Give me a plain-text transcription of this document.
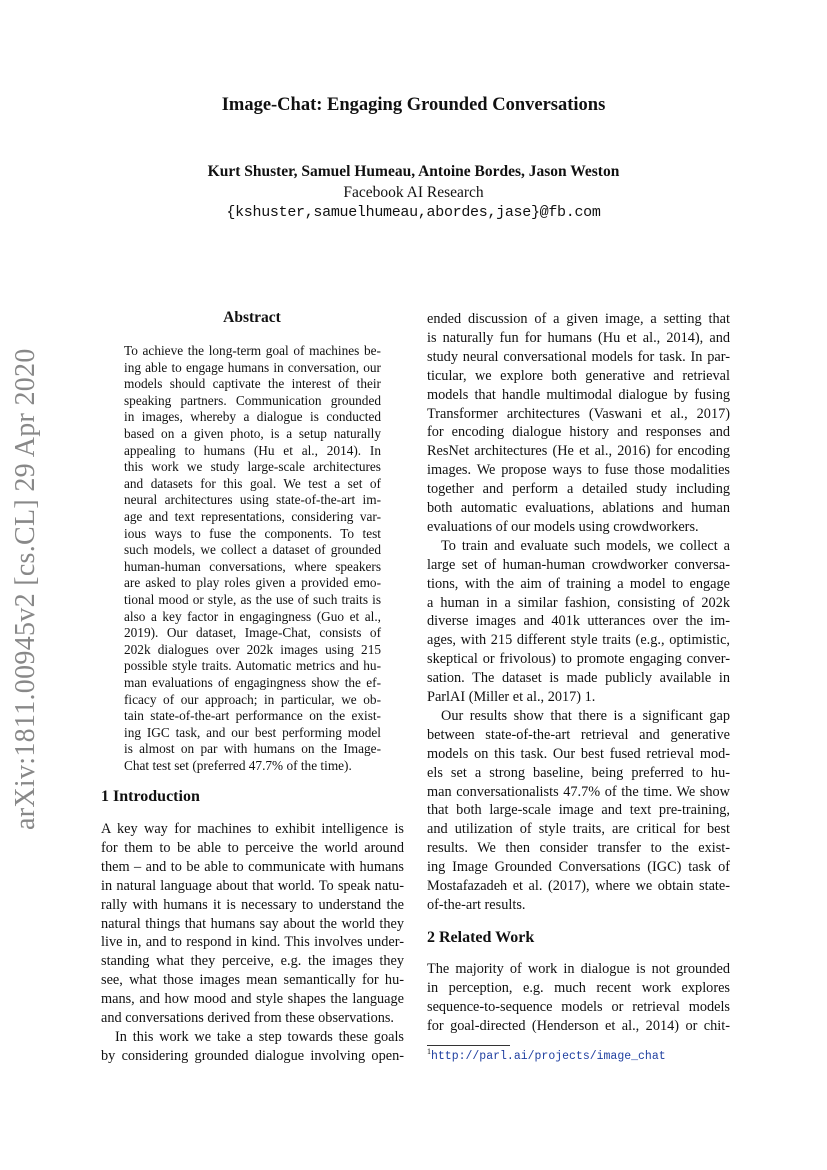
Image-Chat: Engaging Grounded Conversations
Kurt Shuster, Samuel Humeau, Antoine Bordes, Jason Weston
Facebook AI Research
{kshuster,samuelhumeau,abordes,jase}@fb.com
arXiv:1811.00945v2 [cs.CL] 29 Apr 2020
Abstract
To achieve the long-term goal of machines be-
ing able to engage humans in conversation, our
models should captivate the interest of their
speaking partners. Communication grounded
in images, whereby a dialogue is conducted
based on a given photo, is a setup naturally
appealing to humans (Hu et al., 2014). In
this work we study large-scale architectures
and datasets for this goal. We test a set of
neural architectures using state-of-the-art im-
age and text representations, considering var-
ious ways to fuse the components. To test
such models, we collect a dataset of grounded
human-human conversations, where speakers
are asked to play roles given a provided emo-
tional mood or style, as the use of such traits is
also a key factor in engagingness (Guo et al.,
2019). Our dataset, Image-Chat, consists of
202k dialogues over 202k images using 215
possible style traits. Automatic metrics and hu-
man evaluations of engagingness show the ef-
ficacy of our approach; in particular, we ob-
tain state-of-the-art performance on the exist-
ing IGC task, and our best performing model
is almost on par with humans on the Image-
Chat test set (preferred 47.7% of the time).
1 Introduction
A key way for machines to exhibit intelligence is
for them to be able to perceive the world around
them – and to be able to communicate with humans
in natural language about that world. To speak natu-
rally with humans it is necessary to understand the
natural things that humans say about the world they
live in, and to respond in kind. This involves under-
standing what they perceive, e.g. the images they
see, what those images mean semantically for hu-
mans, and how mood and style shapes the language
and conversations derived from these observations.
In this work we take a step towards these goals
by considering grounded dialogue involving open-
ended discussion of a given image, a setting that
is naturally fun for humans (Hu et al., 2014), and
study neural conversational models for task. In par-
ticular, we explore both generative and retrieval
models that handle multimodal dialogue by fusing
Transformer architectures (Vaswani et al., 2017)
for encoding dialogue history and responses and
ResNet architectures (He et al., 2016) for encoding
images. We propose ways to fuse those modalities
together and perform a detailed study including
both automatic evaluations, ablations and human
evaluations of our models using crowdworkers.
To train and evaluate such models, we collect a
large set of human-human crowdworker conversa-
tions, with the aim of training a model to engage
a human in a similar fashion, consisting of 202k
diverse images and 401k utterances over the im-
ages, with 215 different style traits (e.g., optimistic,
skeptical or frivolous) to promote engaging conver-
sation. The dataset is made publicly available in
ParlAI (Miller et al., 2017) 1.
Our results show that there is a significant gap
between state-of-the-art retrieval and generative
models on this task. Our best fused retrieval mod-
els set a strong baseline, being preferred to hu-
man conversationalists 47.7% of the time. We show
that both large-scale image and text pre-training,
and utilization of style traits, are critical for best
results. We then consider transfer to the exist-
ing Image Grounded Conversations (IGC) task of
Mostafazadeh et al. (2017), where we obtain state-
of-the-art results.
2 Related Work
The majority of work in dialogue is not grounded
in perception, e.g. much recent work explores
sequence-to-sequence models or retrieval models
for goal-directed (Henderson et al., 2014) or chit-
$^1$http://parl.ai/projects/image_chat
